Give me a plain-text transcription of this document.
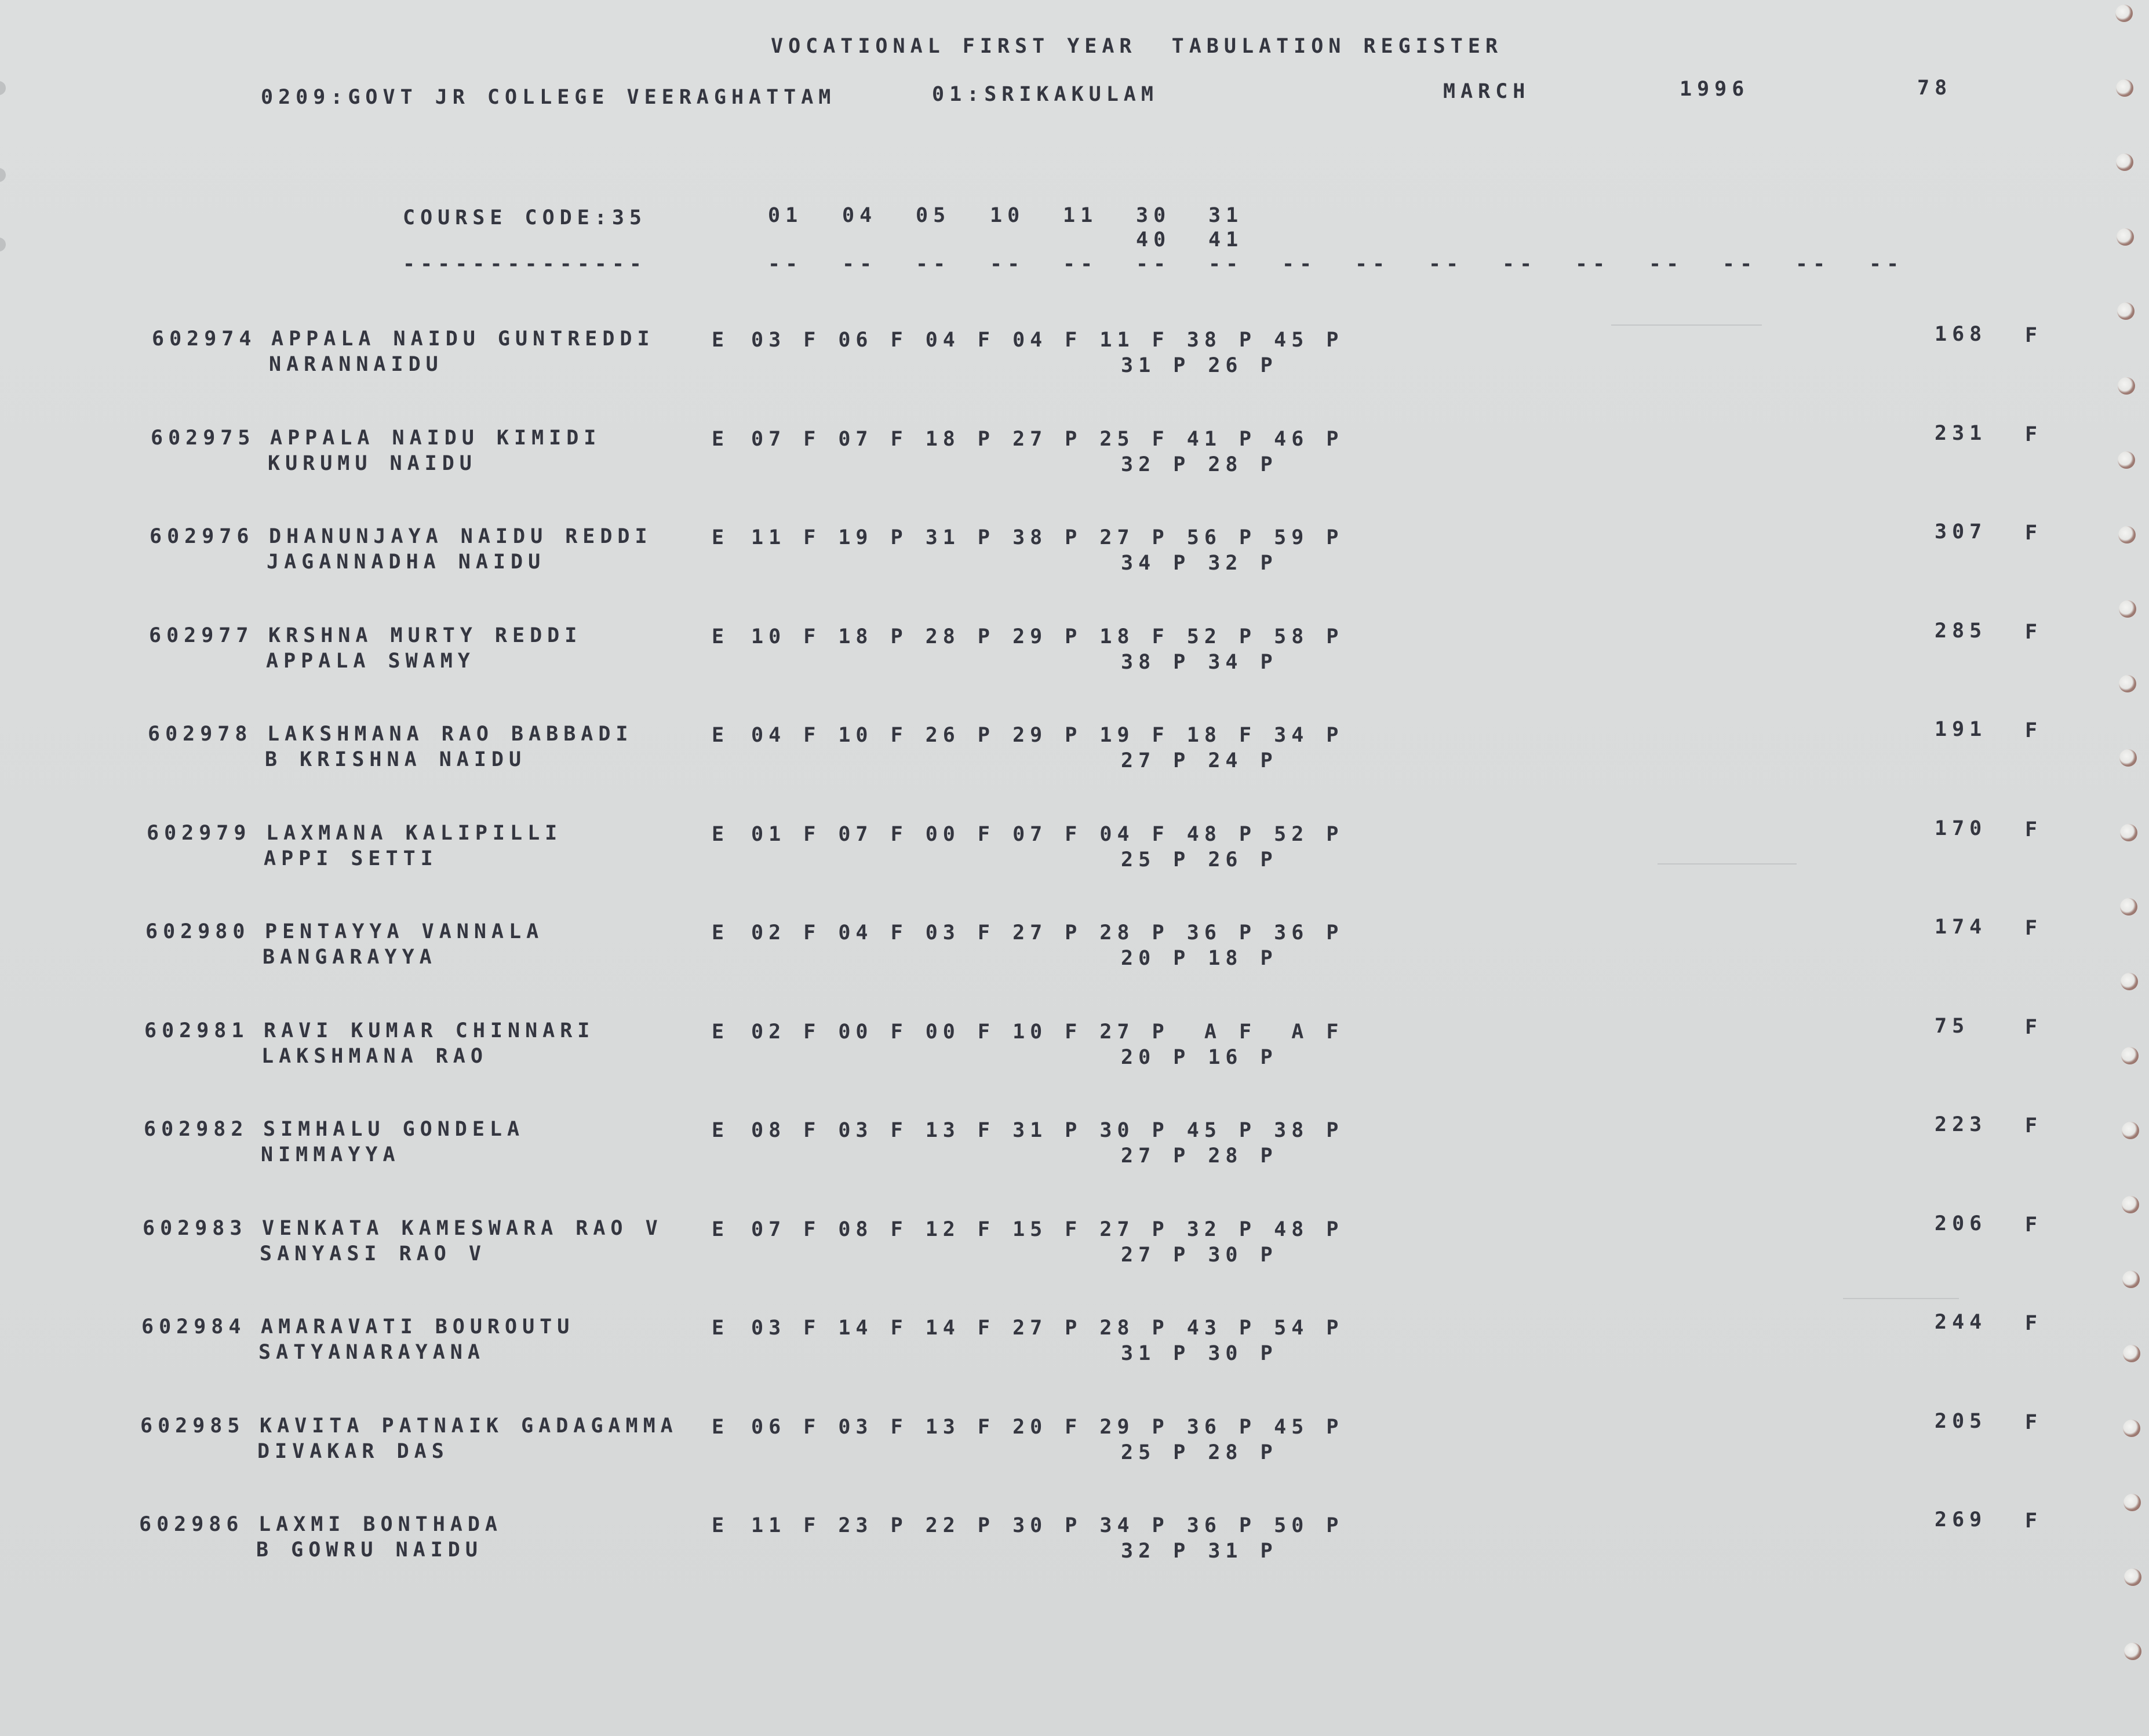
VOCATIONAL FIRST YEAR  TABULATION REGISTER
0209:GOVT JR COLLEGE VEERAGHATTAM	01:SRIKAKULAM	MARCH	1996	78
COURSE CODE:35
--------------
01 04 05 10 11 30 31
40 41
-- -- -- -- -- -- -- -- -- -- -- -- -- -- -- --
602974 APPALA NAIDU GUNTREDDI
NARANNAIDU
E 03 F 06 F 04 F 04 F 11 F 38 P 45 P
31 P 26 P
168 F
602975 APPALA NAIDU KIMIDI
KURUMU NAIDU
E 07 F 07 F 18 P 27 P 25 F 41 P 46 P
32 P 28 P
231 F
602976 DHANUNJAYA NAIDU REDDI
JAGANNADHA NAIDU
E 11 F 19 P 31 P 38 P 27 P 56 P 59 P
34 P 32 P
307 F
602977 KRSHNA MURTY REDDI
APPALA SWAMY
E 10 F 18 P 28 P 29 P 18 F 52 P 58 P
38 P 34 P
285 F
602978 LAKSHMANA RAO BABBADI
B KRISHNA NAIDU
E 04 F 10 F 26 P 29 P 19 F 18 F 34 P
27 P 24 P
191 F
602979 LAXMANA KALIPILLI
APPI SETTI
E 01 F 07 F 00 F 07 F 04 F 48 P 52 P
25 P 26 P
170 F
602980 PENTAYYA VANNALA
BANGARAYYA
E 02 F 04 F 03 F 27 P 28 P 36 P 36 P
20 P 18 P
174 F
602981 RAVI KUMAR CHINNARI
LAKSHMANA RAO
E 02 F 00 F 00 F 10 F 27 P  A F  A F
20 P 16 P
75	F
602982 SIMHALU GONDELA
NIMMAYYA
E 08 F 03 F 13 F 31 P 30 P 45 P 38 P
27 P 28 P
223 F
602983 VENKATA KAMESWARA RAO V
SANYASI RAO V
E 07 F 08 F 12 F 15 F 27 P 32 P 48 P
27 P 30 P
206 F
602984 AMARAVATI BOUROUTU
SATYANARAYANA
E 03 F 14 F 14 F 27 P 28 P 43 P 54 P
31 P 30 P
244 F
602985 KAVITA PATNAIK GADAGAMMA
DIVAKAR DAS
E 06 F 03 F 13 F 20 F 29 P 36 P 45 P
25 P 28 P
205 F
602986 LAXMI BONTHADA
B GOWRU NAIDU
E 11 F 23 P 22 P 30 P 34 P 36 P 50 P
32 P 31 P
269 F
